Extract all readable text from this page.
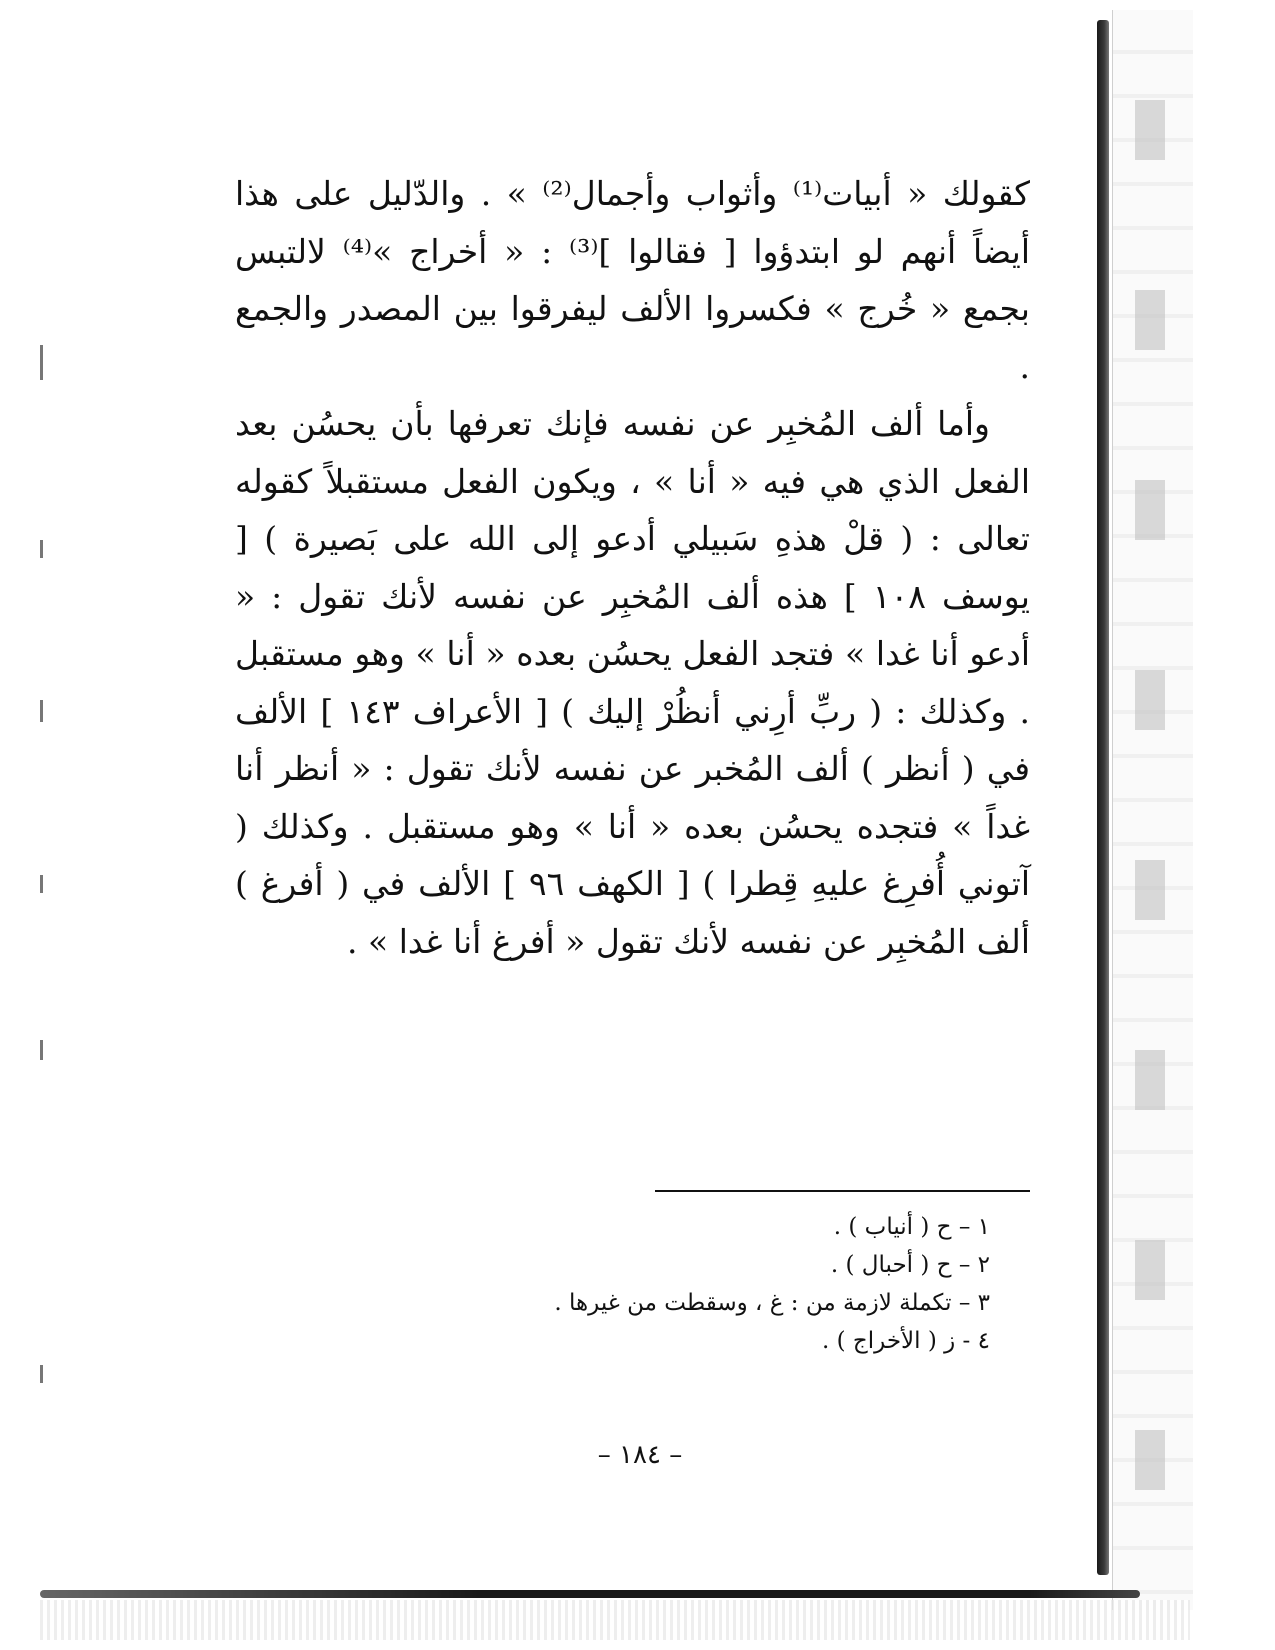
كقولك « أبيات⁽¹⁾ وأثواب وأجمال⁽²⁾ » . والدّليل على هذا أيضاً أنهم لو ابتدؤوا [ فقالوا ]⁽³⁾ : « أخراج »⁽⁴⁾ لالتبس بجمع « خُرج » فكسروا الألف ليفرقوا بين المصدر والجمع .

وأما ألف المُخبِر عن نفسه فإنك تعرفها بأن يحسُن بعد الفعل الذي هي فيه « أنا » ، ويكون الفعل مستقبلاً كقوله تعالى : ( قلْ هذهِ سَبيلي أدعو إلى الله على بَصيرة ) [ يوسف ١٠٨ ] هذه ألف المُخبِر عن نفسه لأنك تقول : « أدعو أنا غدا » فتجد الفعل يحسُن بعده « أنا » وهو مستقبل . وكذلك : ( ربِّ أرِني أنظُرْ إليك ) [ الأعراف ١٤٣ ] الألف في ( أنظر ) ألف المُخبر عن نفسه لأنك تقول : « أنظر أنا غداً » فتجده يحسُن بعده « أنا » وهو مستقبل . وكذلك ( آتوني أُفرِغ عليهِ قِطرا ) [ الكهف ٩٦ ] الألف في ( أفرغ ) ألف المُخبِر عن نفسه لأنك تقول « أفرغ أنا غدا » .

١ – ح ( أنياب ) .
٢ – ح ( أحبال ) .
٣ – تكملة لازمة من : غ ، وسقطت من غيرها .
٤ - ز ( الأخراج ) .
– ١٨٤ –
